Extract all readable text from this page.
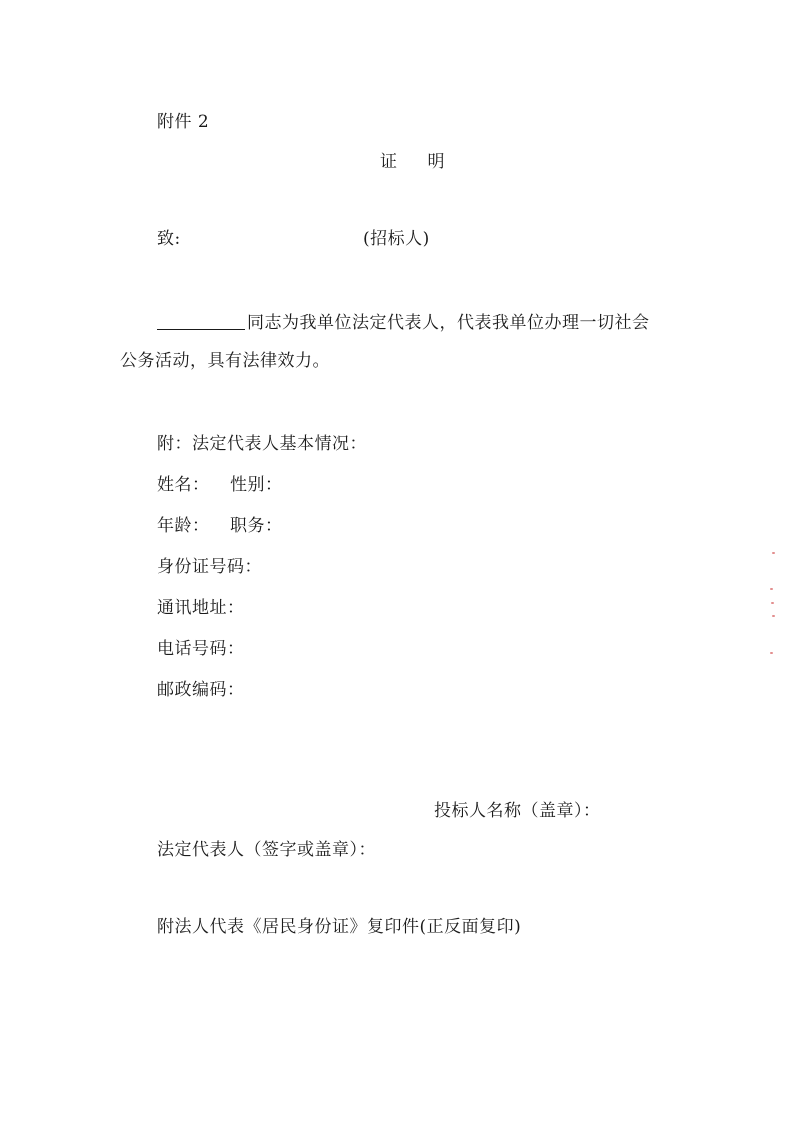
附件 2
证 明
致:	(招标人)
同志为我单位法定代表人，代表我单位办理一切社会
公务活动，具有法律效力。
附：法定代表人基本情况：
姓名： 性别：
年龄： 职务：
身份证号码：
通讯地址：
电话号码：
邮政编码：
投标人名称（盖章）：
法定代表人（签字或盖章）：
附法人代表《居民身份证》复印件(正反面复印)
